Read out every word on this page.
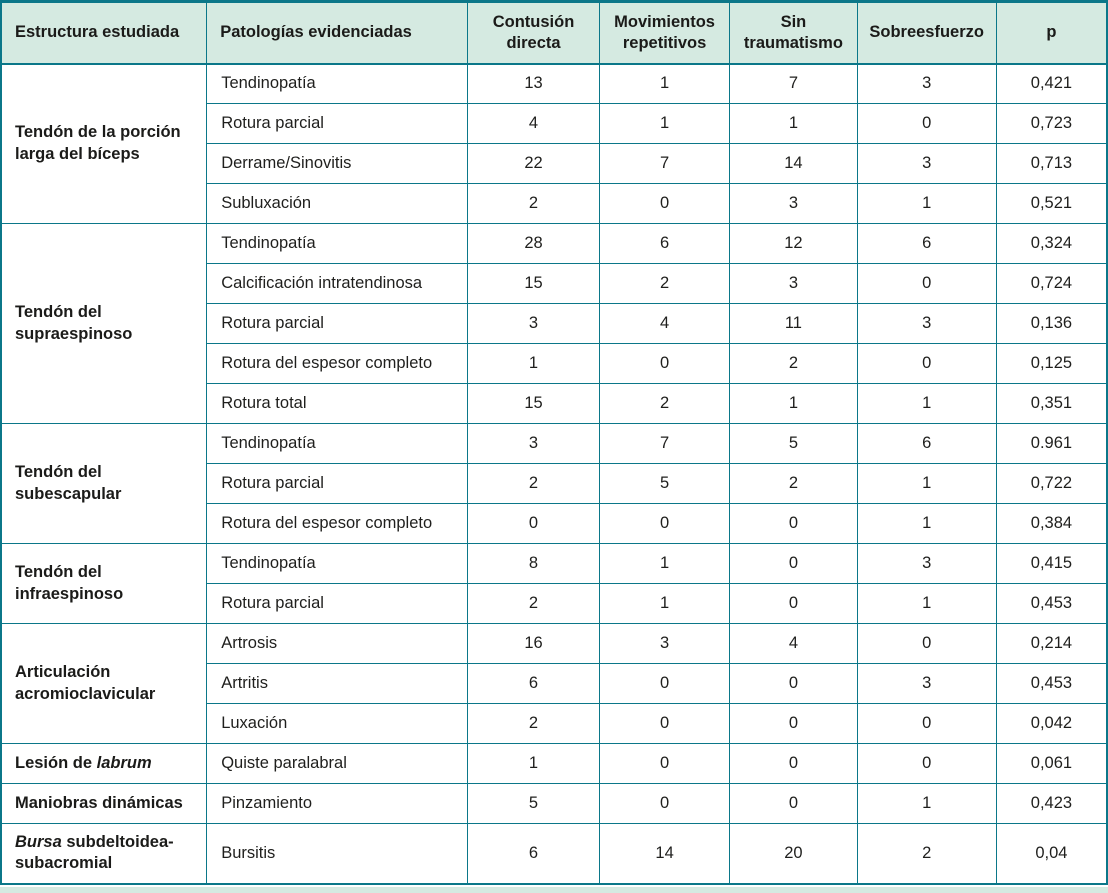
Estructura estudiada	Patologías evidenciadas	Contusión directa	Movimientos repetitivos	Sin traumatismo	Sobreesfuerzo	p
Tendón de la porción larga del bíceps	Tendinopatía	13	1	7	3	0,421
	Rotura parcial	4	1	1	0	0,723
	Derrame/Sinovitis	22	7	14	3	0,713
	Subluxación	2	0	3	1	0,521
Tendón del supraespinoso	Tendinopatía	28	6	12	6	0,324
	Calcificación intratendinosa	15	2	3	0	0,724
	Rotura parcial	3	4	11	3	0,136
	Rotura del espesor completo	1	0	2	0	0,125
	Rotura total	15	2	1	1	0,351
Tendón del subescapular	Tendinopatía	3	7	5	6	0.961
	Rotura parcial	2	5	2	1	0,722
	Rotura del espesor completo	0	0	0	1	0,384
Tendón del infraespinoso	Tendinopatía	8	1	0	3	0,415
	Rotura parcial	2	1	0	1	0,453
Articulación acromioclavicular	Artrosis	16	3	4	0	0,214
	Artritis	6	0	0	3	0,453
	Luxación	2	0	0	0	0,042
Lesión de labrum	Quiste paralabral	1	0	0	0	0,061
Maniobras dinámicas	Pinzamiento	5	0	0	1	0,423
Bursa subdeltoidea-subacromial	Bursitis	6	14	20	2	0,04
